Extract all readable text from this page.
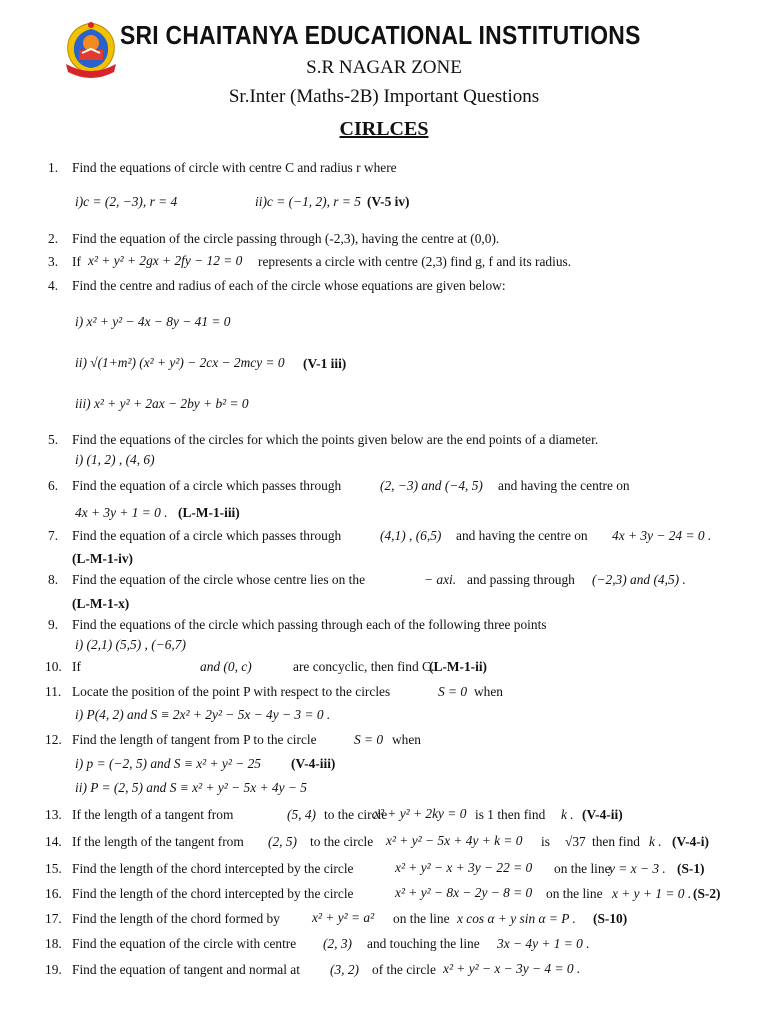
SRI CHAITANYA EDUCATIONAL INSTITUTIONS
S.R NAGAR ZONE
Sr.Inter (Maths-2B) Important Questions
CIRLCES
1.	Find the equations of circle with centre C and radius r where
i)c = (2, −3), r = 4	ii)c = (−1, 2), r = 5 (V-5 iv)
2.	Find the equation of the circle passing through (-2,3), having the centre at (0,0).
3.	If x² + y² + 2gx + 2fy − 12 = 0 represents a circle with centre (2,3) find g, f and its radius.
4.	Find the centre and radius of each of the circle whose equations are given below:
i) x² + y² − 4x − 8y − 41 = 0
ii) √(1+m²) (x² + y²) − 2cx − 2mcy = 0 (V-1 iii)
iii) x² + y² + 2ax − 2by + b² = 0
5.	Find the equations of the circles for which the points given below are the end points of a diameter.
i) (1, 2) , (4, 6)
6.	Find the equation of a circle which passes through	(2, −3) and (−4, 5) and having the centre on
4x + 3y + 1 = 0 . (L-M-1-iii)
7.	Find the equation of a circle which passes through	(4,1) , (6,5) and having the centre on 4x + 3y − 24 = 0 .
(L-M-1-iv)
8.	Find the equation of the circle whose centre lies on the	− axi. and passing through (−2,3) and (4,5) .
(L-M-1-x)
9.	Find the equations of the circle which passing through each of the following three points
i) (2,1) (5,5) , (−6,7)
10. If	and (0, c)	are concyclic, then find C.
(L-M-1-ii)
11. Locate the position of the point P with respect to the circles	S = 0 when
i) P(4, 2) and S ≡ 2x² + 2y² − 5x − 4y − 3 = 0 .
12. Find the length of tangent from P to the circle	S = 0 when
i) p = (−2, 5) and S ≡ x² + y² − 25 (V-4-iii)
ii) P = (2, 5) and S ≡ x² + y² − 5x + 4y − 5
13. If the length of a tangent from	(5, 4) to the circle
x² + y² + 2ky = 0 is 1 then find k . (V-4-ii)
14. If the length of the tangent from (2, 5) to the circle x² + y² − 5x + 4y + k = 0 is √37 then find k . (V-4-i)
15. Find the length of the chord intercepted by the circle	x² + y² − x + 3y − 22 = 0 on the line
y = x − 3 . (S-1)
16. Find the length of the chord intercepted by the circle	x² + y² − 8x − 2y − 8 = 0 on the line x + y + 1 = 0 . (S-2)
17. Find the length of the chord formed by x² + y² = a² on the line x cos α + y sin α = P . (S-10)
18. Find the equation of the circle with centre (2, 3) and touching the line 3x − 4y + 1 = 0 .
19. Find the equation of tangent and normal at (3, 2) of the circle x² + y² − x − 3y − 4 = 0 .
